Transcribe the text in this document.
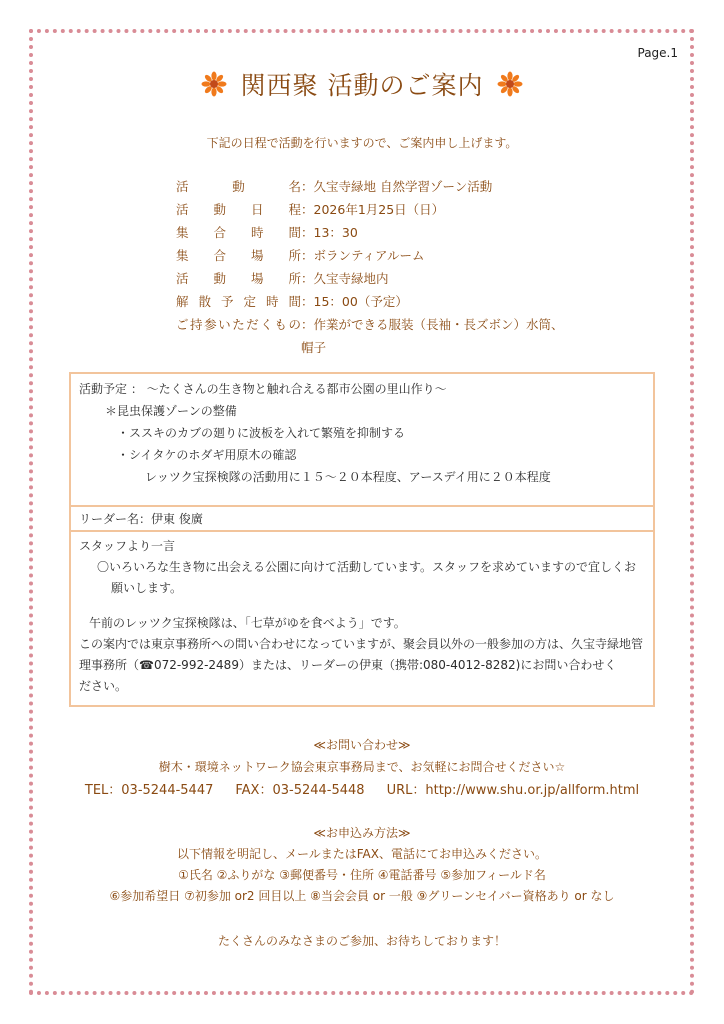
Page.1
関西聚 活動のご案内
下記の日程で活動を行いますので、ご案内申し上げます。
活動名：久宝寺緑地 自然学習ゾーン活動
活動日程：2026年1月25日（日）
集合時間：13：30
集合場所：ボランティアルーム
活動場所：久宝寺緑地内
解散予定時間：15：00（予定）
ご持参いただくもの：作業ができる服装（長袖・長ズボン）水筒、
帽子
活動予定 ： ～たくさんの生き物と触れ合える都市公園の里山作り～
＊昆虫保護ゾーンの整備
・ススキのカブの廻りに波板を入れて繁殖を抑制する
・シイタケのホダギ用原木の確認
レッツク宝探検隊の活動用に１５～２０本程度、アースデイ用に２０本程度
リーダー名：伊東 俊廣
スタッフより一言
〇いろいろな生き物に出会える公園に向けて活動しています。スタッフを求めていますので宜しくお
願いします。
午前のレッツク宝探検隊は、「七草がゆを食べよう」です。
この案内では東京事務所への問い合わせになっていますが、聚会員以外の一般参加の方は、久宝寺緑地管
理事務所（☎072-992-2489）または、リーダーの伊東（携帯:080-4012-8282)にお問い合わせく
ださい。
≪お問い合わせ≫
樹木・環境ネットワーク協会東京事務局まで、お気軽にお問合せください☆
TEL：03-5244-5447 FAX：03-5244-5448 URL：http://www.shu.or.jp/allform.html
≪お申込み方法≫
以下情報を明記し、メールまたはFAX、電話にてお申込みください。
①氏名 ②ふりがな ③郵便番号・住所 ④電話番号 ⑤参加フィールド名
⑥参加希望日 ⑦初参加 or2 回目以上 ⑧当会会員 or 一般 ⑨グリーンセイバー資格あり or なし
たくさんのみなさまのご参加、お待ちしております！
